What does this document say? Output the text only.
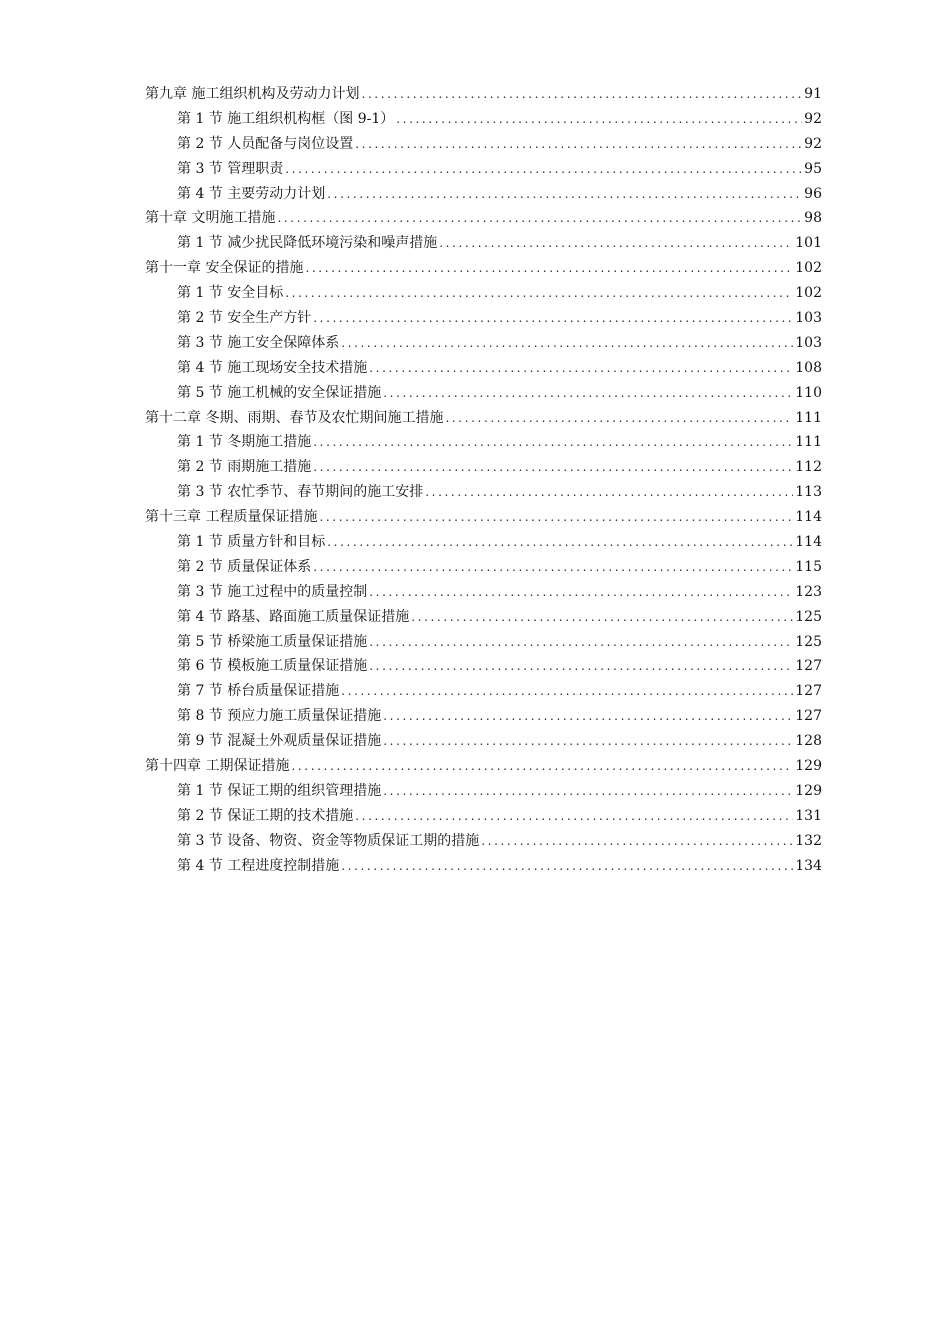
第九章 施工组织机构及劳动力计划 .....	91
第 1 节 施工组织机构框（图 9-1） .....	92
第 2 节 人员配备与岗位设置 .....	92
第 3 节 管理职责 .....	95
第 4 节 主要劳动力计划 .....	96
第十章 文明施工措施 .....	98
第 1 节 减少扰民降低环境污染和噪声措施 .....	101
第十一章 安全保证的措施 .....	102
第 1 节 安全目标 .....	102
第 2 节 安全生产方针 .....	103
第 3 节 施工安全保障体系 .....	103
第 4 节 施工现场安全技术措施 .....	108
第 5 节 施工机械的安全保证措施 .....	110
第十二章 冬期、雨期、春节及农忙期间施工措施 .....	111
第 1 节 冬期施工措施 .....	111
第 2 节 雨期施工措施 .....	112
第 3 节 农忙季节、春节期间的施工安排 .....	113
第十三章 工程质量保证措施 .....	114
第 1 节 质量方针和目标 .....	114
第 2 节 质量保证体系 .....	115
第 3 节 施工过程中的质量控制 .....	123
第 4 节 路基、路面施工质量保证措施 .....	125
第 5 节 桥梁施工质量保证措施 .....	125
第 6 节 模板施工质量保证措施 .....	127
第 7 节 桥台质量保证措施 .....	127
第 8 节 预应力施工质量保证措施 .....	127
第 9 节 混凝土外观质量保证措施 .....	128
第十四章 工期保证措施 .....	129
第 1 节 保证工期的组织管理措施 .....	129
第 2 节 保证工期的技术措施 .....	131
第 3 节 设备、物资、资金等物质保证工期的措施 .....	132
第 4 节 工程进度控制措施 .....	134
